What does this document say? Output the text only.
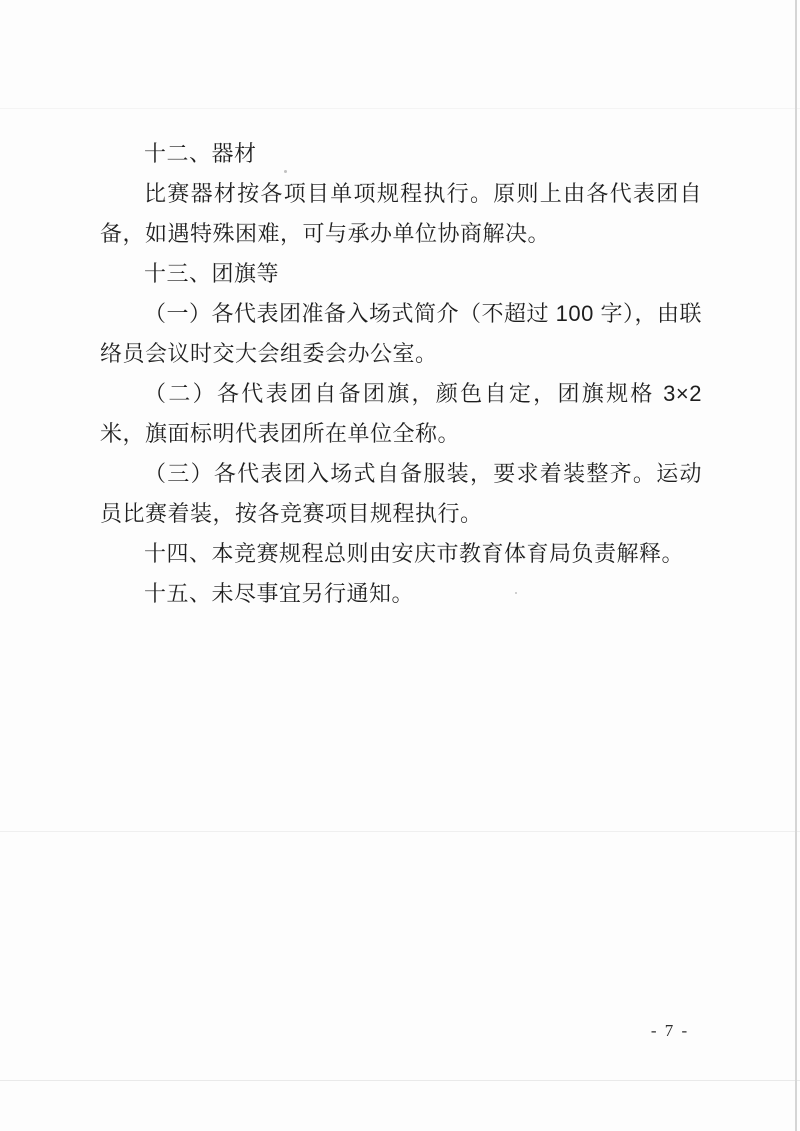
十二、器材

比赛器材按各项目单项规程执行。原则上由各代表团自备，如遇特殊困难，可与承办单位协商解决。

十三、团旗等

（一）各代表团准备入场式简介（不超过 100 字），由联络员会议时交大会组委会办公室。

（二）各代表团自备团旗，颜色自定，团旗规格 3×2 米，旗面标明代表团所在单位全称。

（三）各代表团入场式自备服装，要求着装整齐。运动员比赛着装，按各竞赛项目规程执行。

十四、本竞赛规程总则由安庆市教育体育局负责解释。

十五、未尽事宜另行通知。

- 7 -
